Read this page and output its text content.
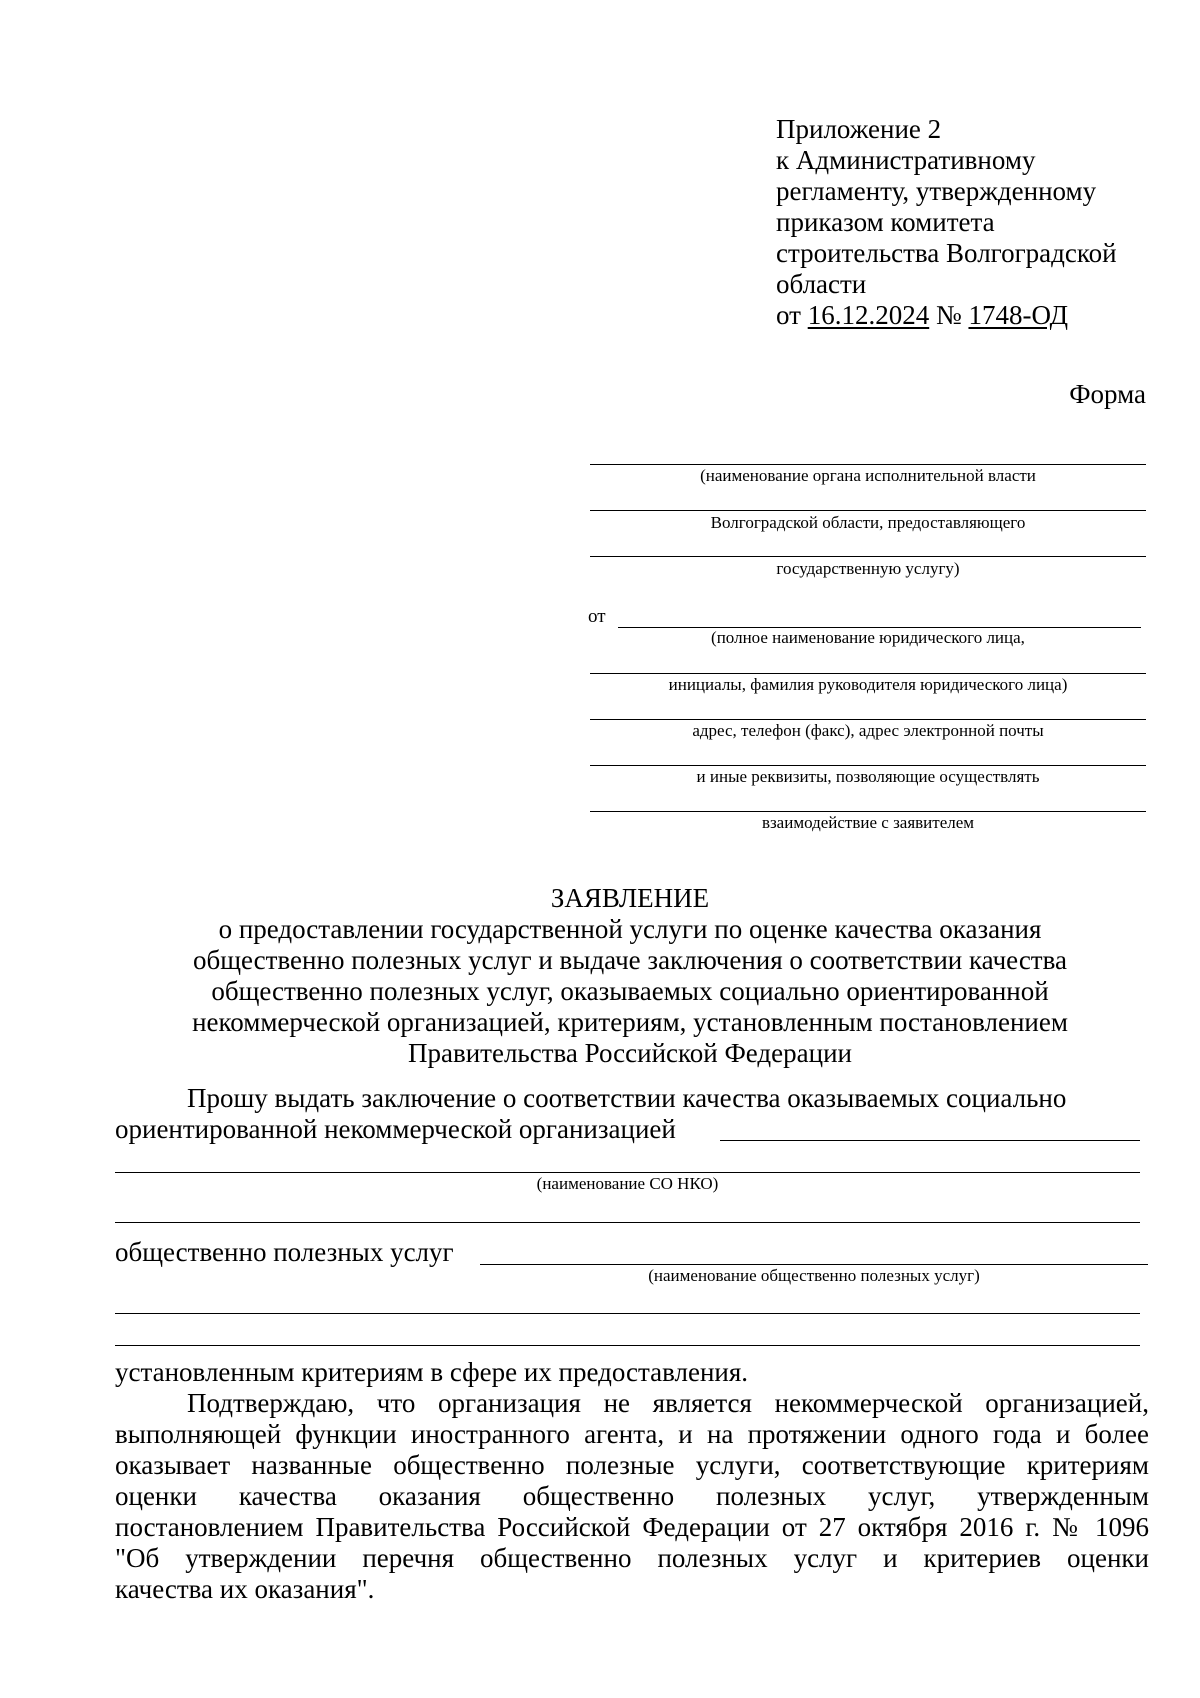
Приложение 2
к Административному
регламенту, утвержденному
приказом комитета
строительства Волгоградской
области
от 16.12.2024 № 1748-ОД
Форма
(наименование органа исполнительной власти
Волгоградской области, предоставляющего
государственную услугу)
от
(полное наименование юридического лица,
инициалы, фамилия руководителя юридического лица)
адрес, телефон (факс), адрес электронной почты
и иные реквизиты, позволяющие осуществлять
взаимодействие с заявителем
ЗАЯВЛЕНИЕ
о предоставлении государственной услуги по оценке качества оказания
общественно полезных услуг и выдаче заключения о соответствии качества
общественно полезных услуг, оказываемых социально ориентированной
некоммерческой организацией, критериям, установленным постановлением
Правительства Российской Федерации
Прошу выдать заключение о соответствии качества оказываемых социально
ориентированной некоммерческой организацией
(наименование СО НКО)
общественно полезных услуг
(наименование общественно полезных услуг)
установленным критериям в сфере их предоставления.
Подтверждаю, что организация не является некоммерческой организацией,
выполняющей функции иностранного агента, и на протяжении одного года и более
оказывает названные общественно полезные услуги, соответствующие критериям
оценки качества оказания общественно полезных услуг, утвержденным
постановлением Правительства Российской Федерации от 27 октября 2016 г. № 1096
"Об утверждении перечня общественно полезных услуг и критериев оценки
качества их оказания".
